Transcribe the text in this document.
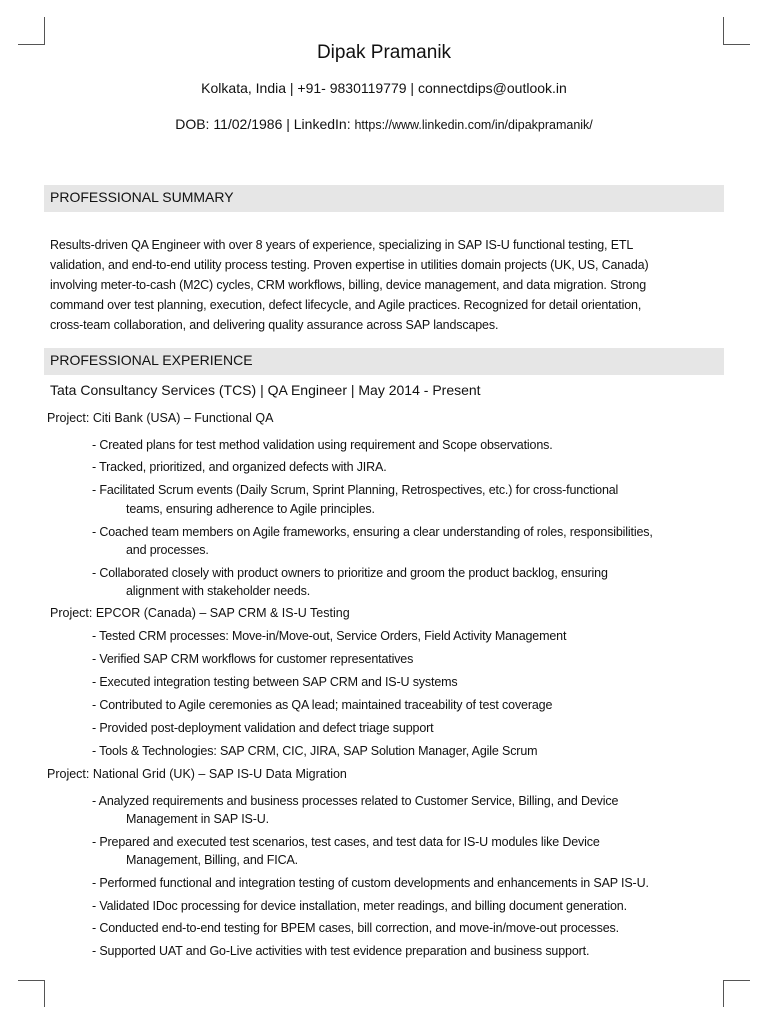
Dipak Pramanik
Kolkata, India | +91- 9830119779 | connectdips@outlook.in
DOB: 11/02/1986 | LinkedIn: https://www.linkedin.com/in/dipakpramanik/
PROFESSIONAL SUMMARY
Results-driven QA Engineer with over 8 years of experience, specializing in SAP IS-U functional testing, ETL
validation, and end-to-end utility process testing. Proven expertise in utilities domain projects (UK, US, Canada)
involving meter-to-cash (M2C) cycles, CRM workflows, billing, device management, and data migration. Strong
command over test planning, execution, defect lifecycle, and Agile practices. Recognized for detail orientation,
cross-team collaboration, and delivering quality assurance across SAP landscapes.
PROFESSIONAL EXPERIENCE
Tata Consultancy Services (TCS) | QA Engineer | May 2014 - Present
Project: Citi Bank (USA) – Functional QA
- Created plans for test method validation using requirement and Scope observations.
- Tracked, prioritized, and organized defects with JIRA.
- Facilitated Scrum events (Daily Scrum, Sprint Planning, Retrospectives, etc.) for cross-functional
teams, ensuring adherence to Agile principles.
- Coached team members on Agile frameworks, ensuring a clear understanding of roles, responsibilities,
and processes.
- Collaborated closely with product owners to prioritize and groom the product backlog, ensuring
alignment with stakeholder needs.
Project: EPCOR (Canada) – SAP CRM & IS-U Testing
- Tested CRM processes: Move-in/Move-out, Service Orders, Field Activity Management
- Verified SAP CRM workflows for customer representatives
- Executed integration testing between SAP CRM and IS-U systems
- Contributed to Agile ceremonies as QA lead; maintained traceability of test coverage
- Provided post-deployment validation and defect triage support
- Tools & Technologies: SAP CRM, CIC, JIRA, SAP Solution Manager, Agile Scrum
Project: National Grid (UK) – SAP IS-U Data Migration
- Analyzed requirements and business processes related to Customer Service, Billing, and Device
Management in SAP IS-U.
- Prepared and executed test scenarios, test cases, and test data for IS-U modules like Device
Management, Billing, and FICA.
- Performed functional and integration testing of custom developments and enhancements in SAP IS-U.
- Validated IDoc processing for device installation, meter readings, and billing document generation.
- Conducted end-to-end testing for BPEM cases, bill correction, and move-in/move-out processes.
- Supported UAT and Go-Live activities with test evidence preparation and business support.
